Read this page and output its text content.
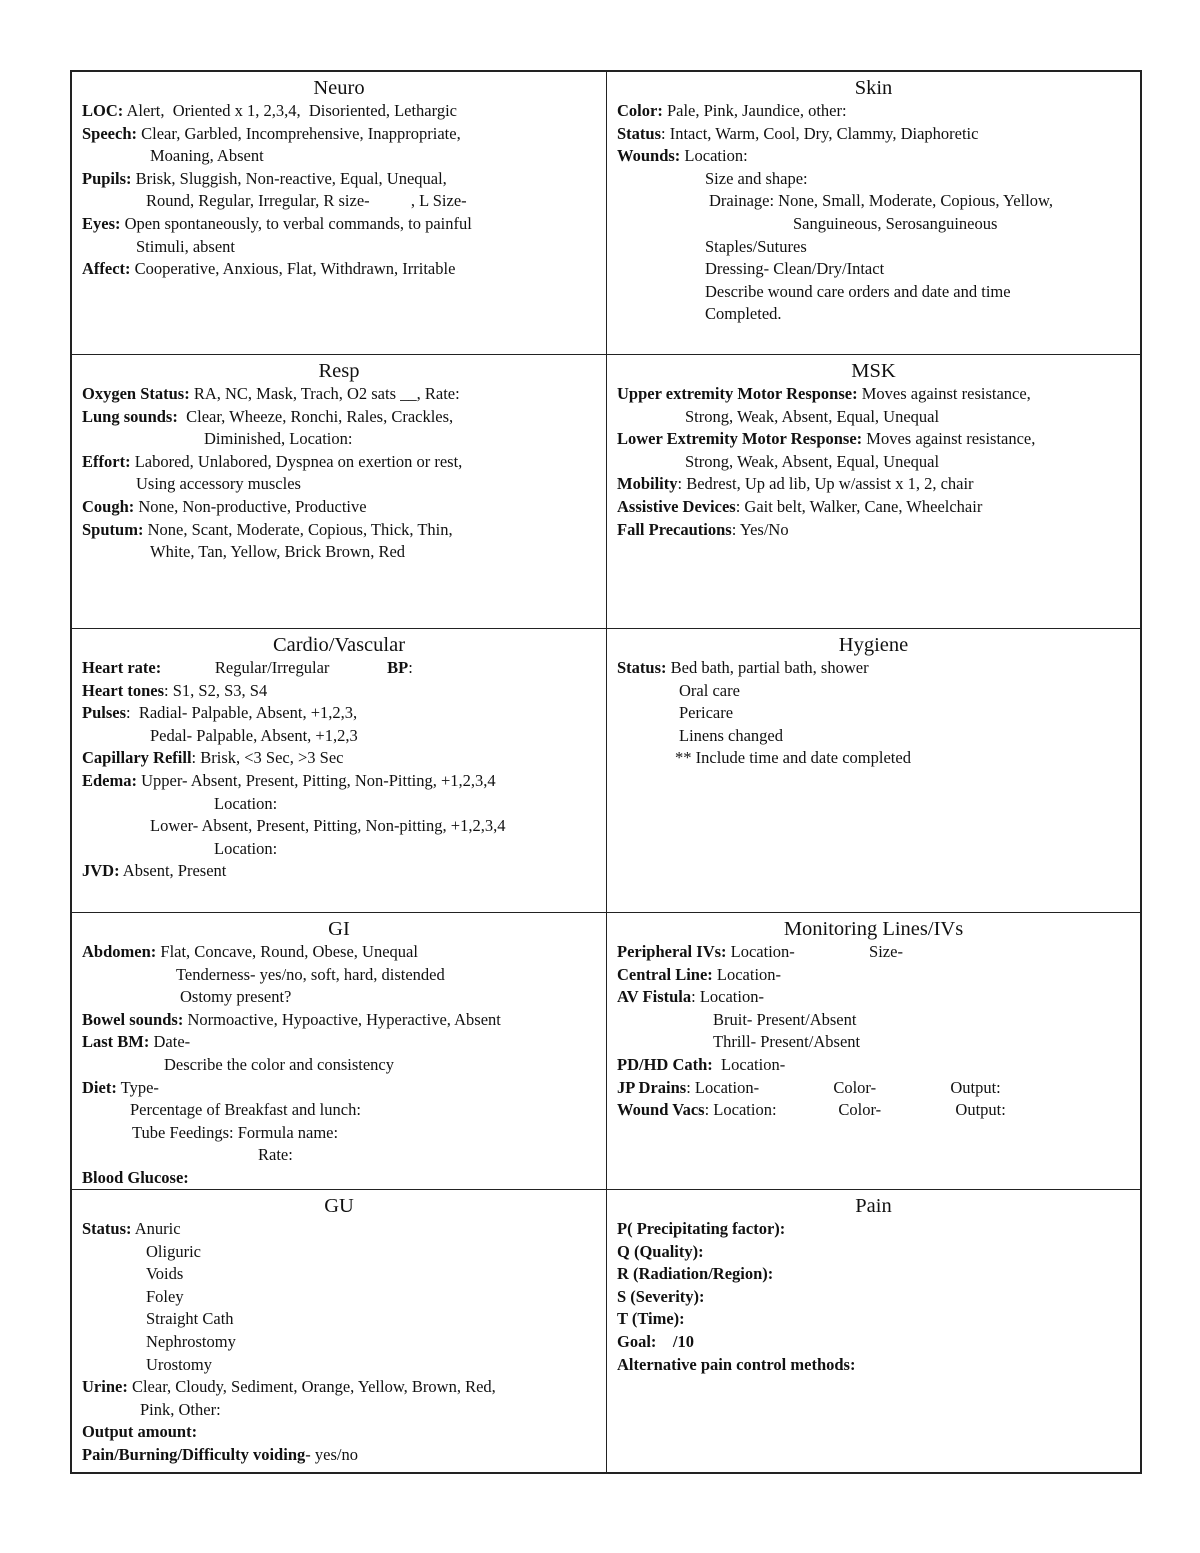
Neuro
LOC: Alert,  Oriented x 1, 2,3,4,  Disoriented, Lethargic
Speech: Clear, Garbled, Incomprehensive, Inappropriate,
Moaning, Absent
Pupils: Brisk, Sluggish, Non-reactive, Equal, Unequal,
Round, Regular, Irregular, R size-          , L Size-
Eyes: Open spontaneously, to verbal commands, to painful
Stimuli, absent
Affect: Cooperative, Anxious, Flat, Withdrawn, Irritable
Skin
Color: Pale, Pink, Jaundice, other:
Status: Intact, Warm, Cool, Dry, Clammy, Diaphoretic
Wounds: Location:
Size and shape:
Drainage: None, Small, Moderate, Copious, Yellow,
Sanguineous, Serosanguineous
Staples/Sutures
Dressing- Clean/Dry/Intact
Describe wound care orders and date and time
Completed.
Resp
Oxygen Status: RA, NC, Mask, Trach, O2 sats __, Rate:
Lung sounds:  Clear, Wheeze, Ronchi, Rales, Crackles,
Diminished, Location:
Effort: Labored, Unlabored, Dyspnea on exertion or rest,
Using accessory muscles
Cough: None, Non-productive, Productive
Sputum: None, Scant, Moderate, Copious, Thick, Thin,
White, Tan, Yellow, Brick Brown, Red
MSK
Upper extremity Motor Response: Moves against resistance,
Strong, Weak, Absent, Equal, Unequal
Lower Extremity Motor Response: Moves against resistance,
Strong, Weak, Absent, Equal, Unequal
Mobility: Bedrest, Up ad lib, Up w/assist x 1, 2, chair
Assistive Devices: Gait belt, Walker, Cane, Wheelchair
Fall Precautions: Yes/No
Cardio/Vascular
Heart rate:             Regular/Irregular              BP:
Heart tones: S1, S2, S3, S4
Pulses:  Radial- Palpable, Absent, +1,2,3,
Pedal- Palpable, Absent, +1,2,3
Capillary Refill: Brisk, <3 Sec, >3 Sec
Edema: Upper- Absent, Present, Pitting, Non-Pitting, +1,2,3,4
Location:
Lower- Absent, Present, Pitting, Non-pitting, +1,2,3,4
Location:
JVD: Absent, Present
Hygiene
Status: Bed bath, partial bath, shower
Oral care
Pericare
Linens changed
** Include time and date completed
GI
Abdomen: Flat, Concave, Round, Obese, Unequal
Tenderness- yes/no, soft, hard, distended
Ostomy present?
Bowel sounds: Normoactive, Hypoactive, Hyperactive, Absent
Last BM: Date-
Describe the color and consistency
Diet: Type-
Percentage of Breakfast and lunch:
Tube Feedings: Formula name:
Rate:
Blood Glucose:
Monitoring Lines/IVs
Peripheral IVs: Location-                  Size-
Central Line: Location-
AV Fistula: Location-
Bruit- Present/Absent
Thrill- Present/Absent
PD/HD Cath:  Location-
JP Drains: Location-                  Color-                  Output:
Wound Vacs: Location:               Color-                  Output:
GU
Status: Anuric
Oliguric
Voids
Foley
Straight Cath
Nephrostomy
Urostomy
Urine: Clear, Cloudy, Sediment, Orange, Yellow, Brown, Red,
Pink, Other:
Output amount:
Pain/Burning/Difficulty voiding- yes/no
Pain
P( Precipitating factor):
Q (Quality):
R (Radiation/Region):
S (Severity):
T (Time):
Goal:    /10
Alternative pain control methods:
